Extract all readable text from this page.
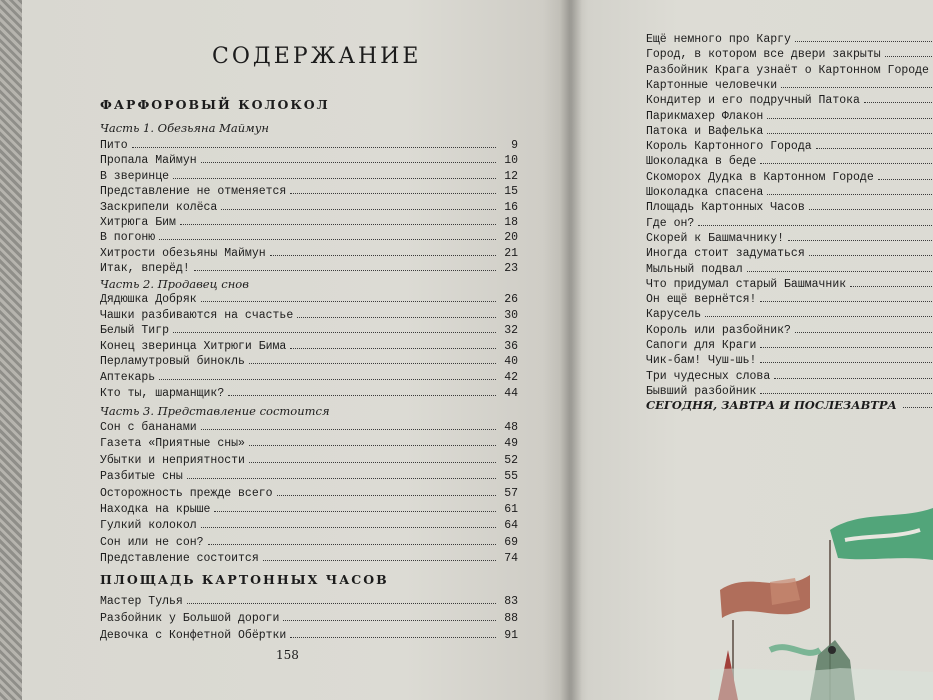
СОДЕРЖАНИЕ
ФАРФОРОВЫЙ КОЛОКОЛ
Часть 1. Обезьяна Маймун
Пито	9
Пропала Маймун	10
В зверинце	12
Представление не отменяется	15
Заскрипели колёса	16
Хитрюга Бим	18
В погоню	20
Хитрости обезьяны Маймун	21
Итак, вперёд!	23
Часть 2. Продавец снов
Дядюшка Добряк	26
Чашки разбиваются на счастье	30
Белый Тигр	32
Конец зверинца Хитрюги Бима	36
Перламутровый бинокль	40
Аптекарь	42
Кто ты, шарманщик?	44
Часть 3. Представление состоится
Сон с бананами	48
Газета «Приятные сны»	49
Убытки и неприятности	52
Разбитые сны	55
Осторожность прежде всего	57
Находка на крыше	61
Гулкий колокол	64
Сон или не сон?	69
Представление состоится	74
ПЛОЩАДЬ КАРТОННЫХ ЧАСОВ
Мастер Тулья	83
Разбойник у Большой дороги	88
Девочка с Конфетной Обёртки	91
158
Ещё немного про Каргу
Город, в котором все двери закрыты
Разбойник Крага узнаёт о Картонном Городе
Картонные человечки
Кондитер и его подручный Патока
Парикмахер Флакон
Патока и Вафелька
Король Картонного Города
Шоколадка в беде
Скоморох Дудка в Картонном Городе
Шоколадка спасена
Площадь Картонных Часов
Где он?
Скорей к Башмачнику!
Иногда стоит задуматься
Мыльный подвал
Что придумал старый Башмачник
Он ещё вернётся!
Карусель
Король или разбойник?
Сапоги для Краги
Чик-бам! Чуш-шь!
Три чудесных слова
Бывший разбойник
СЕГОДНЯ, ЗАВТРА И ПОСЛЕЗАВТРА
